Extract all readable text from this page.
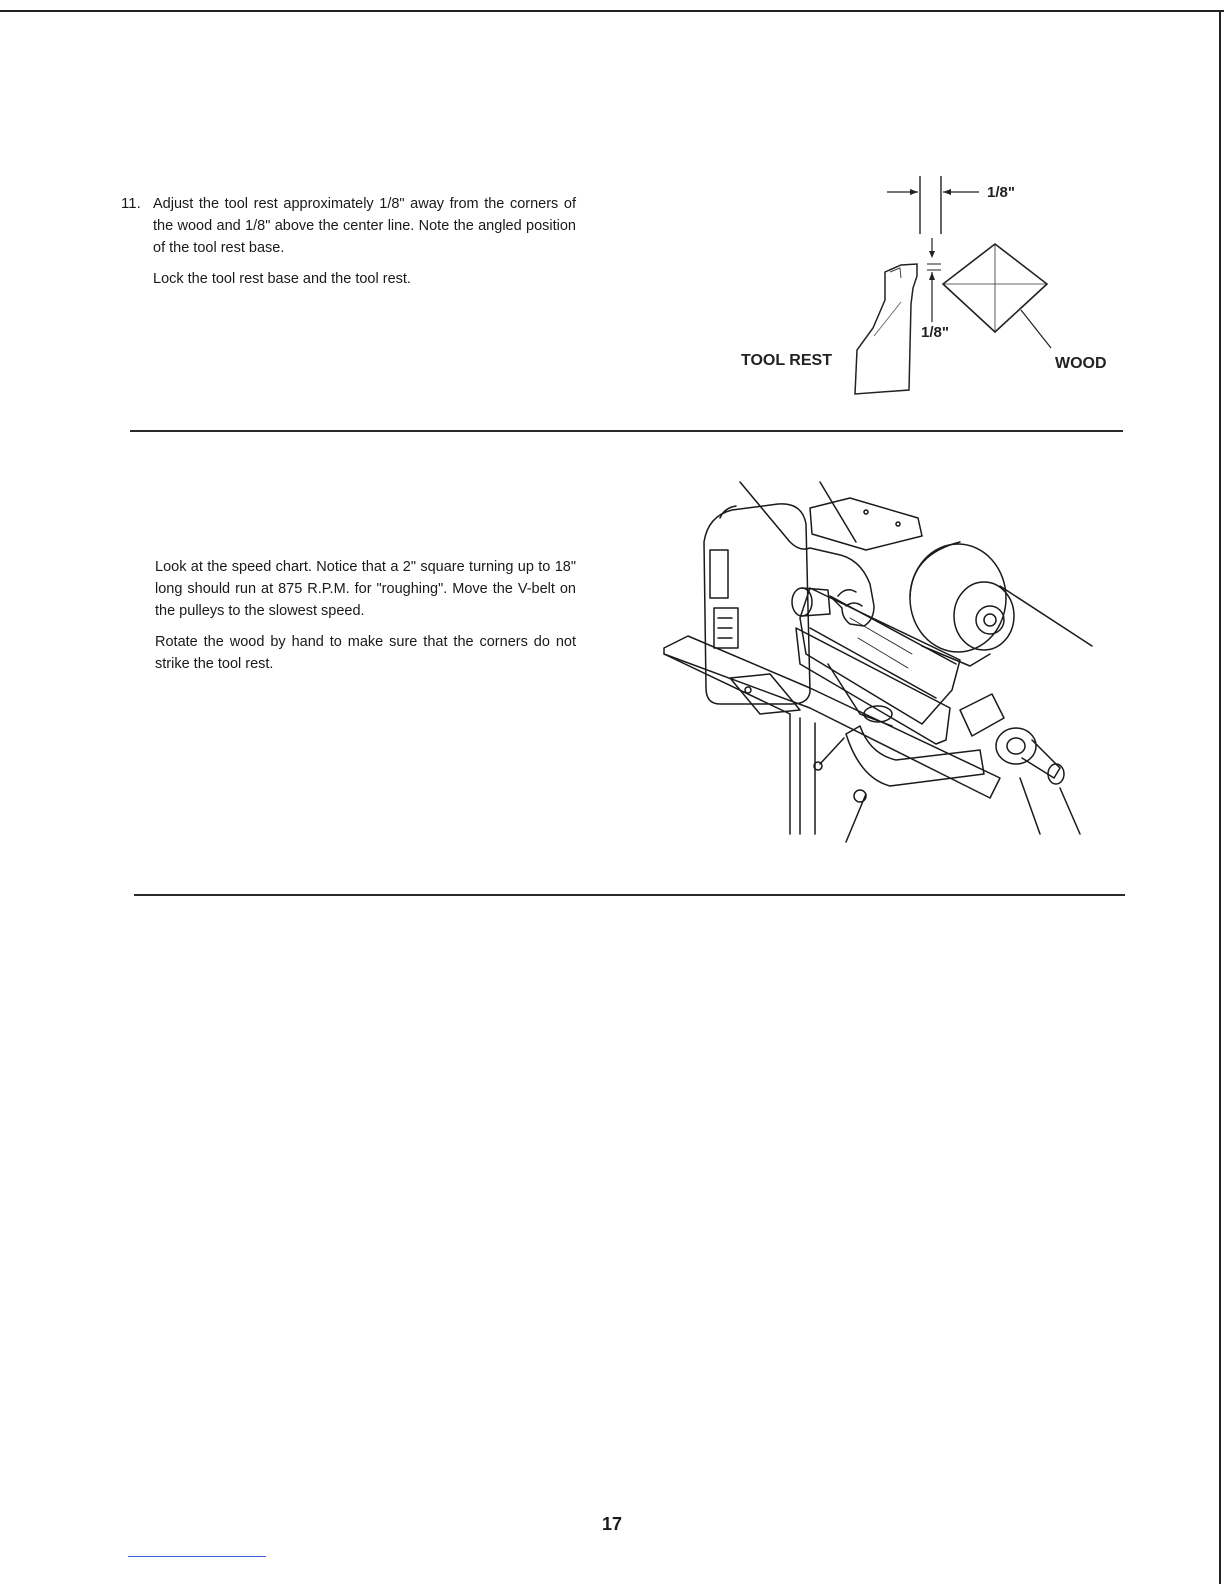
11. Adjust the tool rest approximately 1/8" away from the corners of the wood and 1/8" above the center line. Note the angled position of the tool rest base.

Lock the tool rest base and the tool rest.

1/8"
1/8"
TOOL REST	WOOD

Look at the speed chart. Notice that a 2" square turning up to 18" long should run at 875 R.P.M. for "roughing". Move the V-belt on the pulleys to the slowest speed.

Rotate the wood by hand to make sure that the corners do not strike the tool rest.

17
